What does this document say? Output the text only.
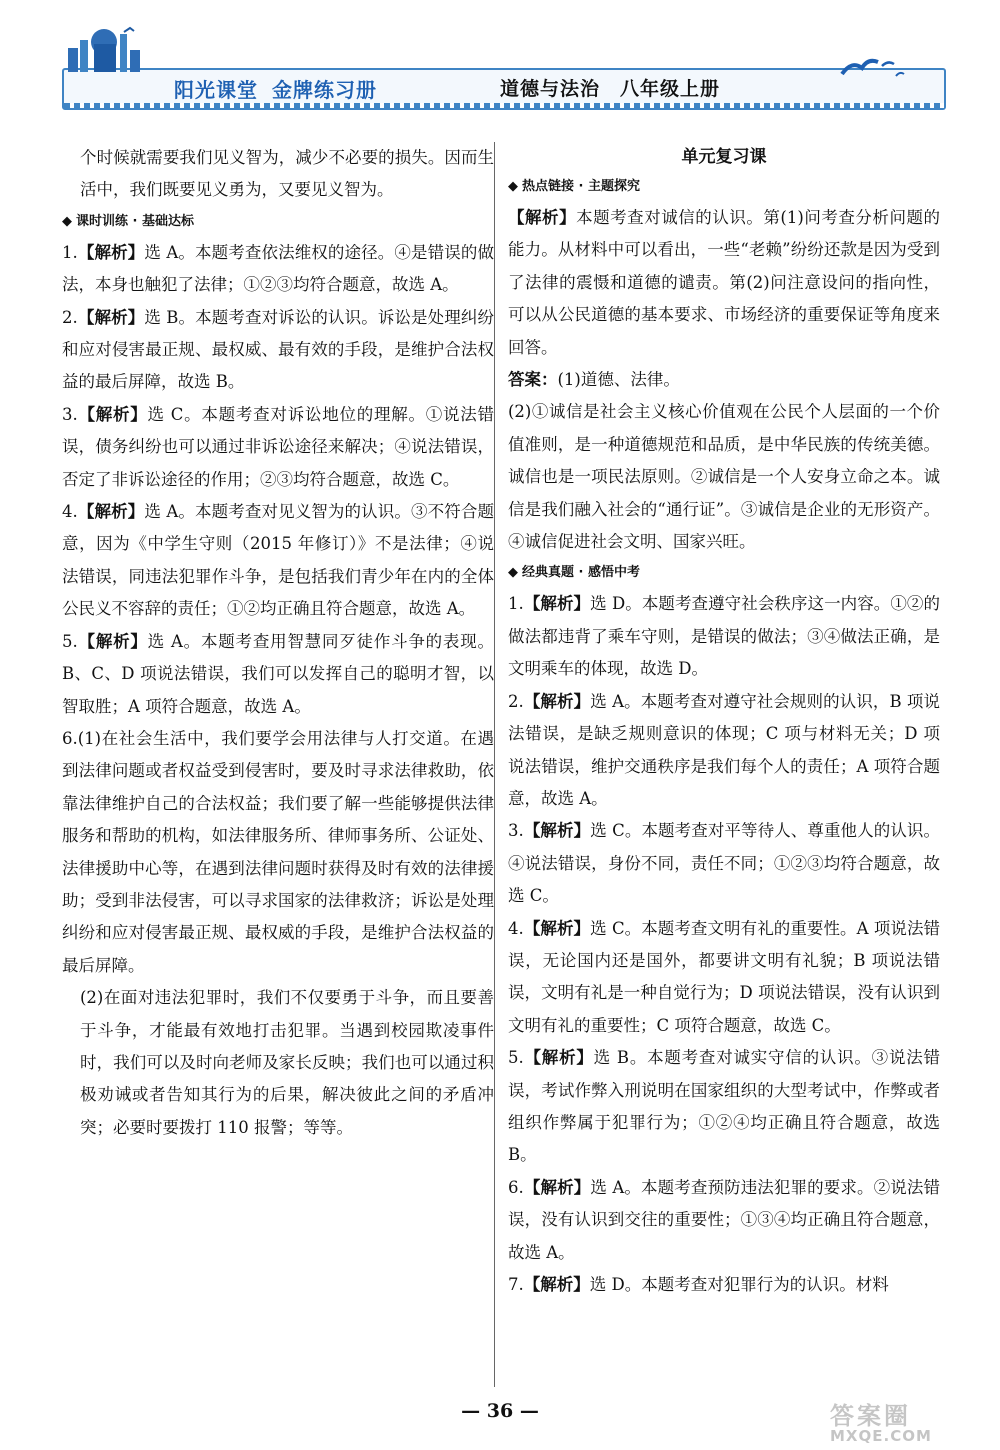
阳光课堂 金牌练习册	道德与法治 八年级上册

个时候就需要我们见义智为，减少不必要的损失。因而生活中，我们既要见义勇为，又要见义智为。

◆ 课时训练 · 基础达标
1.【解析】选 A。本题考查依法维权的途径。④是错误的做法，本身也触犯了法律；①②③均符合题意，故选 A。
2.【解析】选 B。本题考查对诉讼的认识。诉讼是处理纠纷和应对侵害最正规、最权威、最有效的手段，是维护合法权益的最后屏障，故选 B。
3.【解析】选 C。本题考查对诉讼地位的理解。①说法错误，债务纠纷也可以通过非诉讼途径来解决；④说法错误，否定了非诉讼途径的作用；②③均符合题意，故选 C。
4.【解析】选 A。本题考查对见义智为的认识。③不符合题意，因为《中学生守则（2015 年修订）》不是法律；④说法错误，同违法犯罪作斗争，是包括我们青少年在内的全体公民义不容辞的责任；①②均正确且符合题意，故选 A。
5.【解析】选 A。本题考查用智慧同歹徒作斗争的表现。B、C、D 项说法错误，我们可以发挥自己的聪明才智，以智取胜；A 项符合题意，故选 A。
6.(1)在社会生活中，我们要学会用法律与人打交道。在遇到法律问题或者权益受到侵害时，要及时寻求法律救助，依靠法律维护自己的合法权益；我们要了解一些能够提供法律服务和帮助的机构，如法律服务所、律师事务所、公证处、法律援助中心等，在遇到法律问题时获得及时有效的法律援助；受到非法侵害，可以寻求国家的法律救济；诉讼是处理纠纷和应对侵害最正规、最权威的手段，是维护合法权益的最后屏障。

(2)在面对违法犯罪时，我们不仅要勇于斗争，而且要善于斗争，才能最有效地打击犯罪。当遇到校园欺凌事件时，我们可以及时向老师及家长反映；我们也可以通过积极劝诫或者告知其行为的后果，解决彼此之间的矛盾冲突；必要时要拨打 110 报警；等等。

单元复习课

◆ 热点链接 · 主题探究

【解析】本题考查对诚信的认识。第(1)问考查分析问题的能力。从材料中可以看出，一些“老赖”纷纷还款是因为受到了法律的震慑和道德的谴责。第(2)问注意设问的指向性，可以从公民道德的基本要求、市场经济的重要保证等角度来回答。

答案：(1)道德、法律。

(2)①诚信是社会主义核心价值观在公民个人层面的一个价值准则，是一种道德规范和品质，是中华民族的传统美德。诚信也是一项民法原则。②诚信是一个人安身立命之本。诚信是我们融入社会的“通行证”。③诚信是企业的无形资产。④诚信促进社会文明、国家兴旺。

◆ 经典真题 · 感悟中考
1.【解析】选 D。本题考查遵守社会秩序这一内容。①②的做法都违背了乘车守则，是错误的做法；③④做法正确，是文明乘车的体现，故选 D。
2.【解析】选 A。本题考查对遵守社会规则的认识，B 项说法错误，是缺乏规则意识的体现；C 项与材料无关；D 项说法错误，维护交通秩序是我们每个人的责任；A 项符合题意，故选 A。
3.【解析】选 C。本题考查对平等待人、尊重他人的认识。④说法错误，身份不同，责任不同；①②③均符合题意，故选 C。
4.【解析】选 C。本题考查文明有礼的重要性。A 项说法错误，无论国内还是国外，都要讲文明有礼貌；B 项说法错误，文明有礼是一种自觉行为；D 项说法错误，没有认识到文明有礼的重要性；C 项符合题意，故选 C。
5.【解析】选 B。本题考查对诚实守信的认识。③说法错误，考试作弊入刑说明在国家组织的大型考试中，作弊或者组织作弊属于犯罪行为；①②④均正确且符合题意，故选 B。
6.【解析】选 A。本题考查预防违法犯罪的要求。②说法错误，没有认识到交往的重要性；①③④均正确且符合题意，故选 A。
7.【解析】选 D。本题考查对犯罪行为的认识。材料
— 36 —	答案圈
MXQE.COM
